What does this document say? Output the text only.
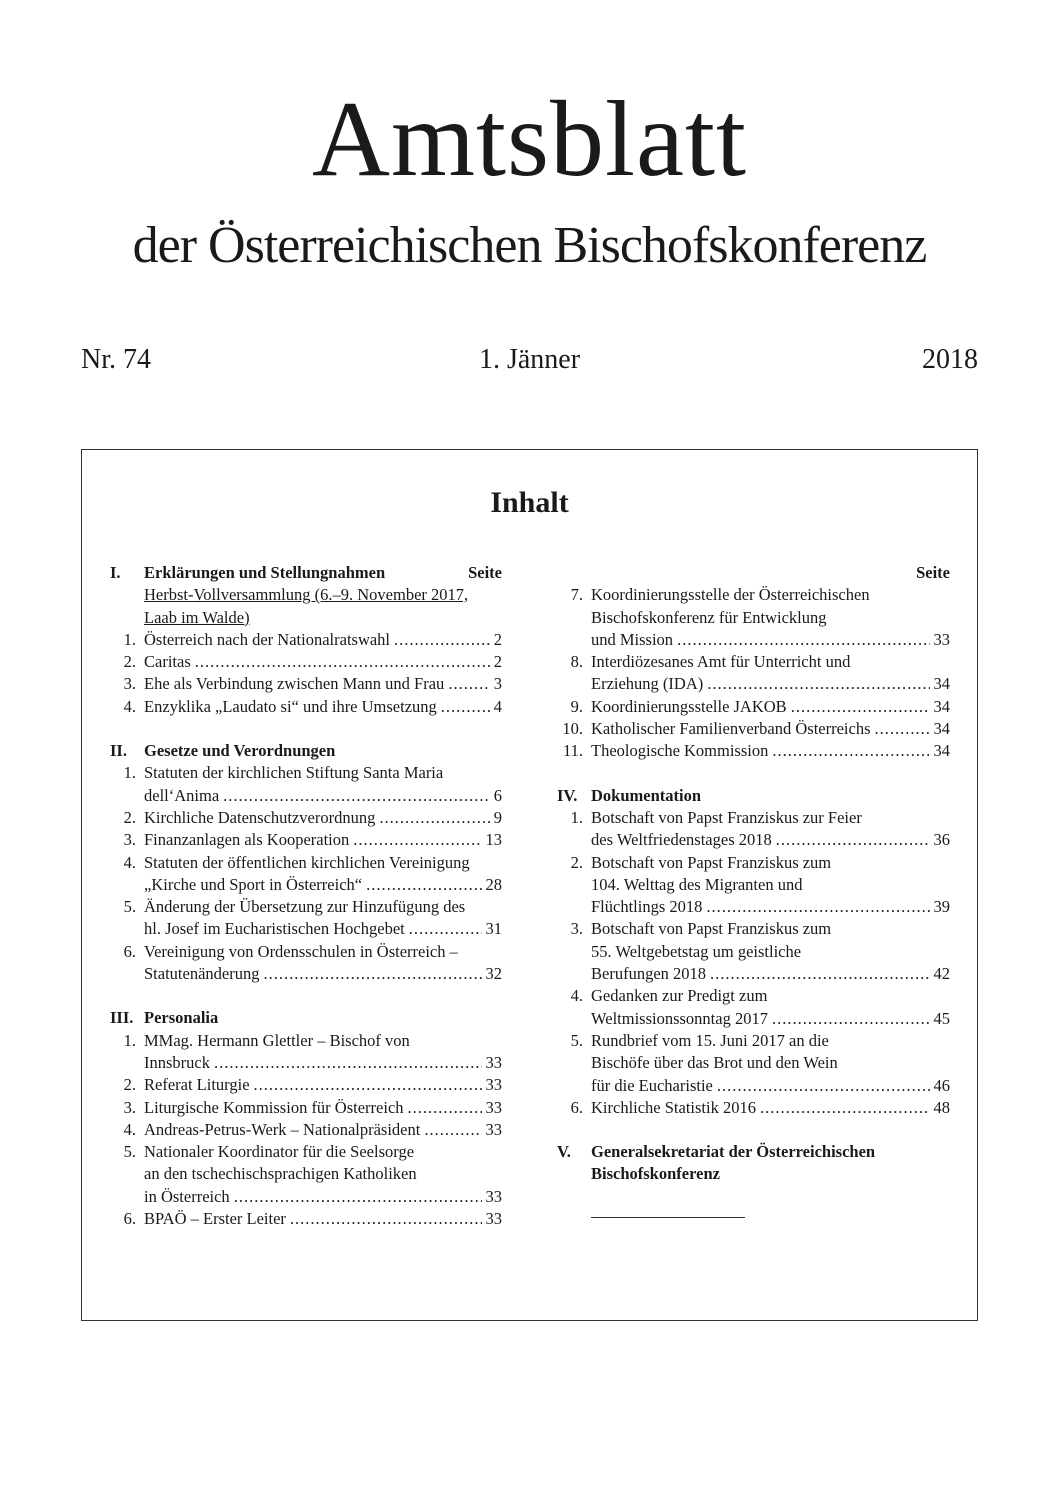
Amtsblatt
der Österreichischen Bischofskonferenz
Nr. 74	1. Jänner	2018
Inhalt
I.	Erklärungen und Stellungnahmen	Seite
Herbst-Vollversammlung (6.–9. November 2017,
Laab im Walde)
1. Österreich nach der Nationalratswahl .....	2
2. Caritas .....	2
3. Ehe als Verbindung zwischen Mann und Frau .....	3
4. Enzyklika „Laudato si“ und ihre Umsetzung .....	4
II.	Gesetze und Verordnungen
1. Statuten der kirchlichen Stiftung Santa Maria
dell‘Anima .....	6
2. Kirchliche Datenschutzverordnung .....	9
3. Finanzanlagen als Kooperation .....	13
4. Statuten der öffentlichen kirchlichen Vereinigung
„Kirche und Sport in Österreich“ .....	28
5. Änderung der Übersetzung zur Hinzufügung des
hl. Josef im Eucharistischen Hochgebet .....	31
6. Vereinigung von Ordensschulen in Österreich –
Statutenänderung .....	32
III. Personalia
1. MMag. Hermann Glettler – Bischof von
Innsbruck .....	33
2. Referat Liturgie .....	33
3. Liturgische Kommission für Österreich .....	33
4. Andreas-Petrus-Werk – Nationalpräsident .....	33
5. Nationaler Koordinator für die Seelsorge
an den tschechischsprachigen Katholiken
in Österreich .....	33
6. BPAÖ – Erster Leiter .....	33
Seite
7. Koordinierungsstelle der Österreichischen
Bischofskonferenz für Entwicklung
und Mission .....	33
8. Interdiözesanes Amt für Unterricht und
Erziehung (IDA) .....	34
9. Koordinierungsstelle JAKOB .....	34
10. Katholischer Familienverband Österreichs .....	34
11. Theologische Kommission .....	34
IV. Dokumentation
1. Botschaft von Papst Franziskus zur Feier
des Weltfriedenstages 2018 .....	36
2. Botschaft von Papst Franziskus zum
104. Welttag des Migranten und
Flüchtlings 2018 .....	39
3. Botschaft von Papst Franziskus zum
55. Weltgebetstag um geistliche
Berufungen 2018 .....	42
4. Gedanken zur Predigt zum
Weltmissionssonntag 2017 .....	45
5. Rundbrief vom 15. Juni 2017 an die
Bischöfe über das Brot und den Wein
für die Eucharistie .....	46
6. Kirchliche Statistik 2016 .....	48
V.	Generalsekretariat der Österreichischen
Bischofskonferenz
